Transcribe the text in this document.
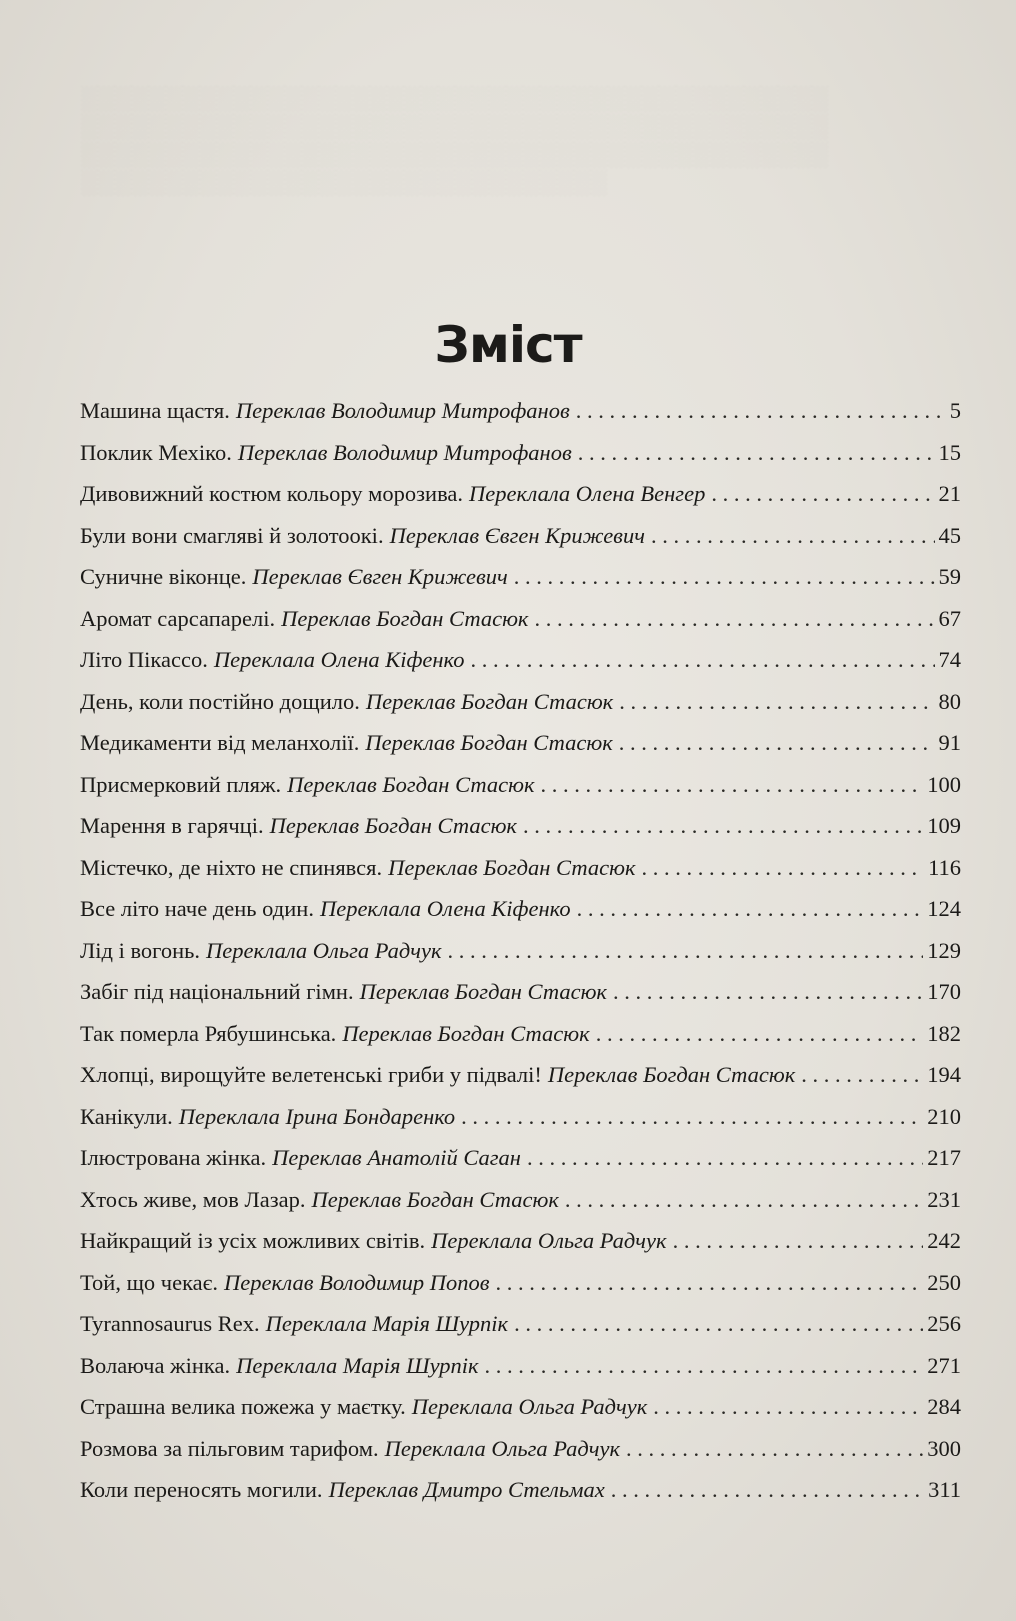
░░░░░░░░░░░░░░░░░░░░░░░░░░░░░░░░░░░░░░░░░░░░
░░░░░░░░░░░░░░░░░░░░░░░░░░░░░░░░░░░░░░░░░░░░
░░░░░░░░░░░░░░░░░░░░░░░░░░░░░░░░░░░░░░░░░░░░
░░░░░░░░░░░░░░░░░░░░░░░░░░░░░░░

Зміст
Машина щастя. Переклав Володимир Митрофанов . . .	5
Поклик Мехіко. Переклав Володимир Митрофанов . . .	15
Дивовижний костюм кольору морозива. Переклала Олена Венгер . . .	21
Були вони смагляві й золотоокі. Переклав Євген Крижевич . . .	45
Суничне віконце. Переклав Євген Крижевич . . .	59
Аромат сарсапарелі. Переклав Богдан Стасюк . . .	67
Літо Пікассо. Переклала Олена Кіфенко . . .	74
День, коли постійно дощило. Переклав Богдан Стасюк . . .	80
Медикаменти від меланхолії. Переклав Богдан Стасюк . . .	91
Присмерковий пляж. Переклав Богдан Стасюк . . .	100
Марення в гарячці. Переклав Богдан Стасюк . . .	109
Містечко, де ніхто не спинявся. Переклав Богдан Стасюк . . .	116
Все літо наче день один. Переклала Олена Кіфенко . . .	124
Лід і вогонь. Переклала Ольга Радчук . . .	129
Забіг під національний гімн. Переклав Богдан Стасюк . . .	170
Так померла Рябушинська. Переклав Богдан Стасюк . . .	182
Хлопці, вирощуйте велетенські гриби у підвалі! Переклав Богдан Стасюк . . .	194
Канікули. Переклала Ірина Бондаренко . . .	210
Ілюстрована жінка. Переклав Анатолій Саган . . .	217
Хтось живе, мов Лазар. Переклав Богдан Стасюк . . .	231
Найкращий із усіх можливих світів. Переклала Ольга Радчук . . .	242
Той, що чекає. Переклав Володимир Попов . . .	250
Tyrannosaurus Rex. Переклала Марія Шурпік . . .	256
Волаюча жінка. Переклала Марія Шурпік . . .	271
Страшна велика пожежа у маєтку. Переклала Ольга Радчук . . .	284
Розмова за пільговим тарифом. Переклала Ольга Радчук . . .	300
Коли переносять могили. Переклав Дмитро Стельмах . . .	311
